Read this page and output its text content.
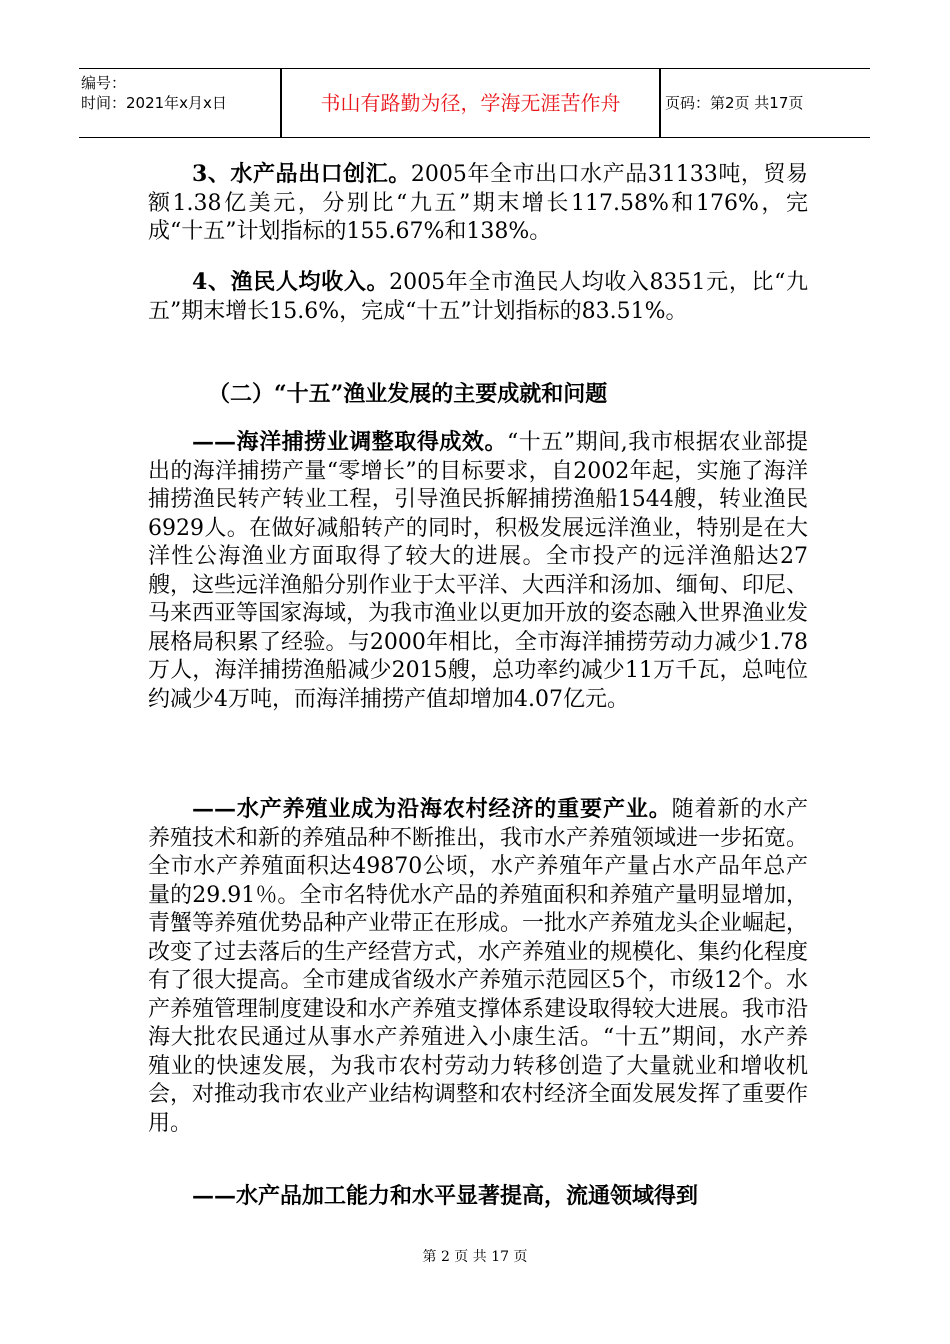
编号：
时间：2021年x月x日	书山有路勤为径，学海无涯苦作舟	页码：第2页 共17页
3、水产品出口创汇。2005年全市出口水产品31133吨，贸易额1.38亿美元，分别比“九五”期末增长117.58%和176%，完成“十五”计划指标的155.67%和138%。
4、渔民人均收入。2005年全市渔民人均收入8351元，比“九五”期末增长15.6%，完成“十五”计划指标的83.51%。
（二）“十五”渔业发展的主要成就和问题
——海洋捕捞业调整取得成效。“十五”期间,我市根据农业部提出的海洋捕捞产量“零增长”的目标要求，自2002年起，实施了海洋捕捞渔民转产转业工程，引导渔民拆解捕捞渔船1544艘，转业渔民6929人。在做好减船转产的同时，积极发展远洋渔业，特别是在大洋性公海渔业方面取得了较大的进展。全市投产的远洋渔船达27艘，这些远洋渔船分别作业于太平洋、大西洋和汤加、缅甸、印尼、马来西亚等国家海域，为我市渔业以更加开放的姿态融入世界渔业发展格局积累了经验。与2000年相比，全市海洋捕捞劳动力减少1.78万人，海洋捕捞渔船减少2015艘，总功率约减少11万千瓦，总吨位约减少4万吨，而海洋捕捞产值却增加4.07亿元。
——水产养殖业成为沿海农村经济的重要产业。随着新的水产养殖技术和新的养殖品种不断推出，我市水产养殖领域进一步拓宽。全市水产养殖面积达49870公顷，水产养殖年产量占水产品年总产量的29.91％。全市名特优水产品的养殖面积和养殖产量明显增加，青蟹等养殖优势品种产业带正在形成。一批水产养殖龙头企业崛起，改变了过去落后的生产经营方式，水产养殖业的规模化、集约化程度有了很大提高。全市建成省级水产养殖示范园区5个，市级12个。水产养殖管理制度建设和水产养殖支撑体系建设取得较大进展。我市沿海大批农民通过从事水产养殖进入小康生活。“十五”期间，水产养殖业的快速发展，为我市农村劳动力转移创造了大量就业和增收机会，对推动我市农业产业结构调整和农村经济全面发展发挥了重要作用。
——水产品加工能力和水平显著提高，流通领域得到
第 2 页 共 17 页
